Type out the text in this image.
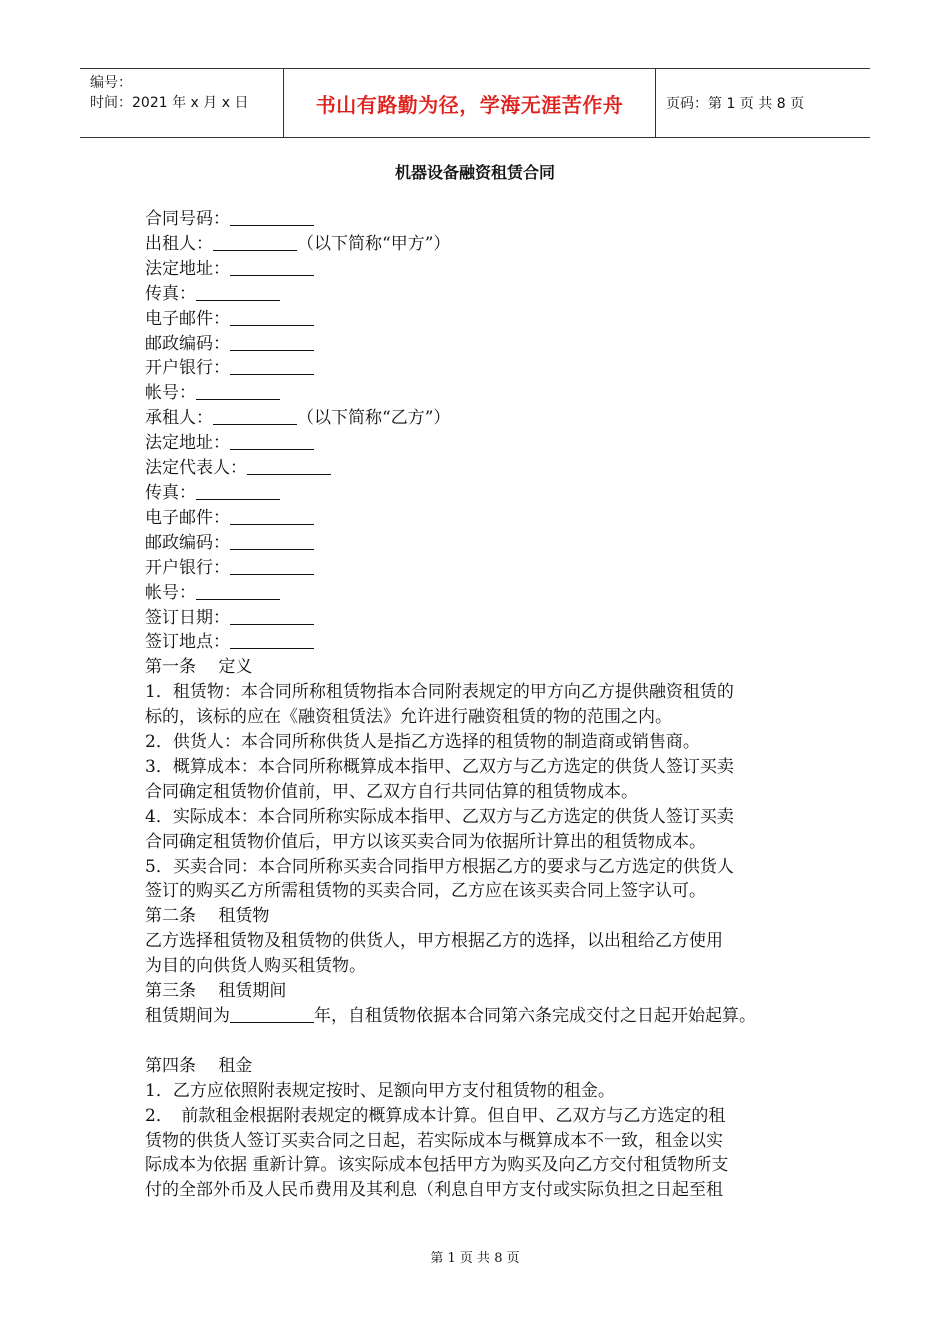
编号：
时间：2021 年 x 月 x 日	书山有路勤为径，学海无涯苦作舟	页码：第 1 页 共 8 页
机器设备融资租赁合同
合同号码：
出租人：	（以下简称“甲方”）
法定地址：
传真：
电子邮件：
邮政编码：
开户银行：
帐号：
承租人：	（以下简称“乙方”）
法定地址：
法定代表人：
传真：
电子邮件：
邮政编码：
开户银行：
帐号：
签订日期：
签订地点：
第一条　 定义
1．租赁物：本合同所称租赁物指本合同附表规定的甲方向乙方提供融资租赁的
标的，该标的应在《融资租赁法》允许进行融资租赁的物的范围之内。
2．供货人：本合同所称供货人是指乙方选择的租赁物的制造商或销售商。
3．概算成本：本合同所称概算成本指甲、乙双方与乙方选定的供货人签订买卖
合同确定租赁物价值前，甲、乙双方自行共同估算的租赁物成本。
4．实际成本：本合同所称实际成本指甲、乙双方与乙方选定的供货人签订买卖
合同确定租赁物价值后，甲方以该买卖合同为依据所计算出的租赁物成本。
5．买卖合同：本合同所称买卖合同指甲方根据乙方的要求与乙方选定的供货人
签订的购买乙方所需租赁物的买卖合同，乙方应在该买卖合同上签字认可。
第二条　 租赁物
乙方选择租赁物及租赁物的供货人，甲方根据乙方的选择，以出租给乙方使用
为目的向供货人购买租赁物。
第三条　 租赁期间
租赁期间为	年，自租赁物依据本合同第六条完成交付之日起开始起算。
第四条　 租金
1．乙方应依照附表规定按时、足额向甲方支付租赁物的租金。
2．　前款租金根据附表规定的概算成本计算。但自甲、乙双方与乙方选定的租
赁物的供货人签订买卖合同之日起，若实际成本与概算成本不一致，租金以实
际成本为依据 重新计算。该实际成本包括甲方为购买及向乙方交付租赁物所支
付的全部外币及人民币费用及其利息（利息自甲方支付或实际负担之日起至租
第 1 页 共 8 页
